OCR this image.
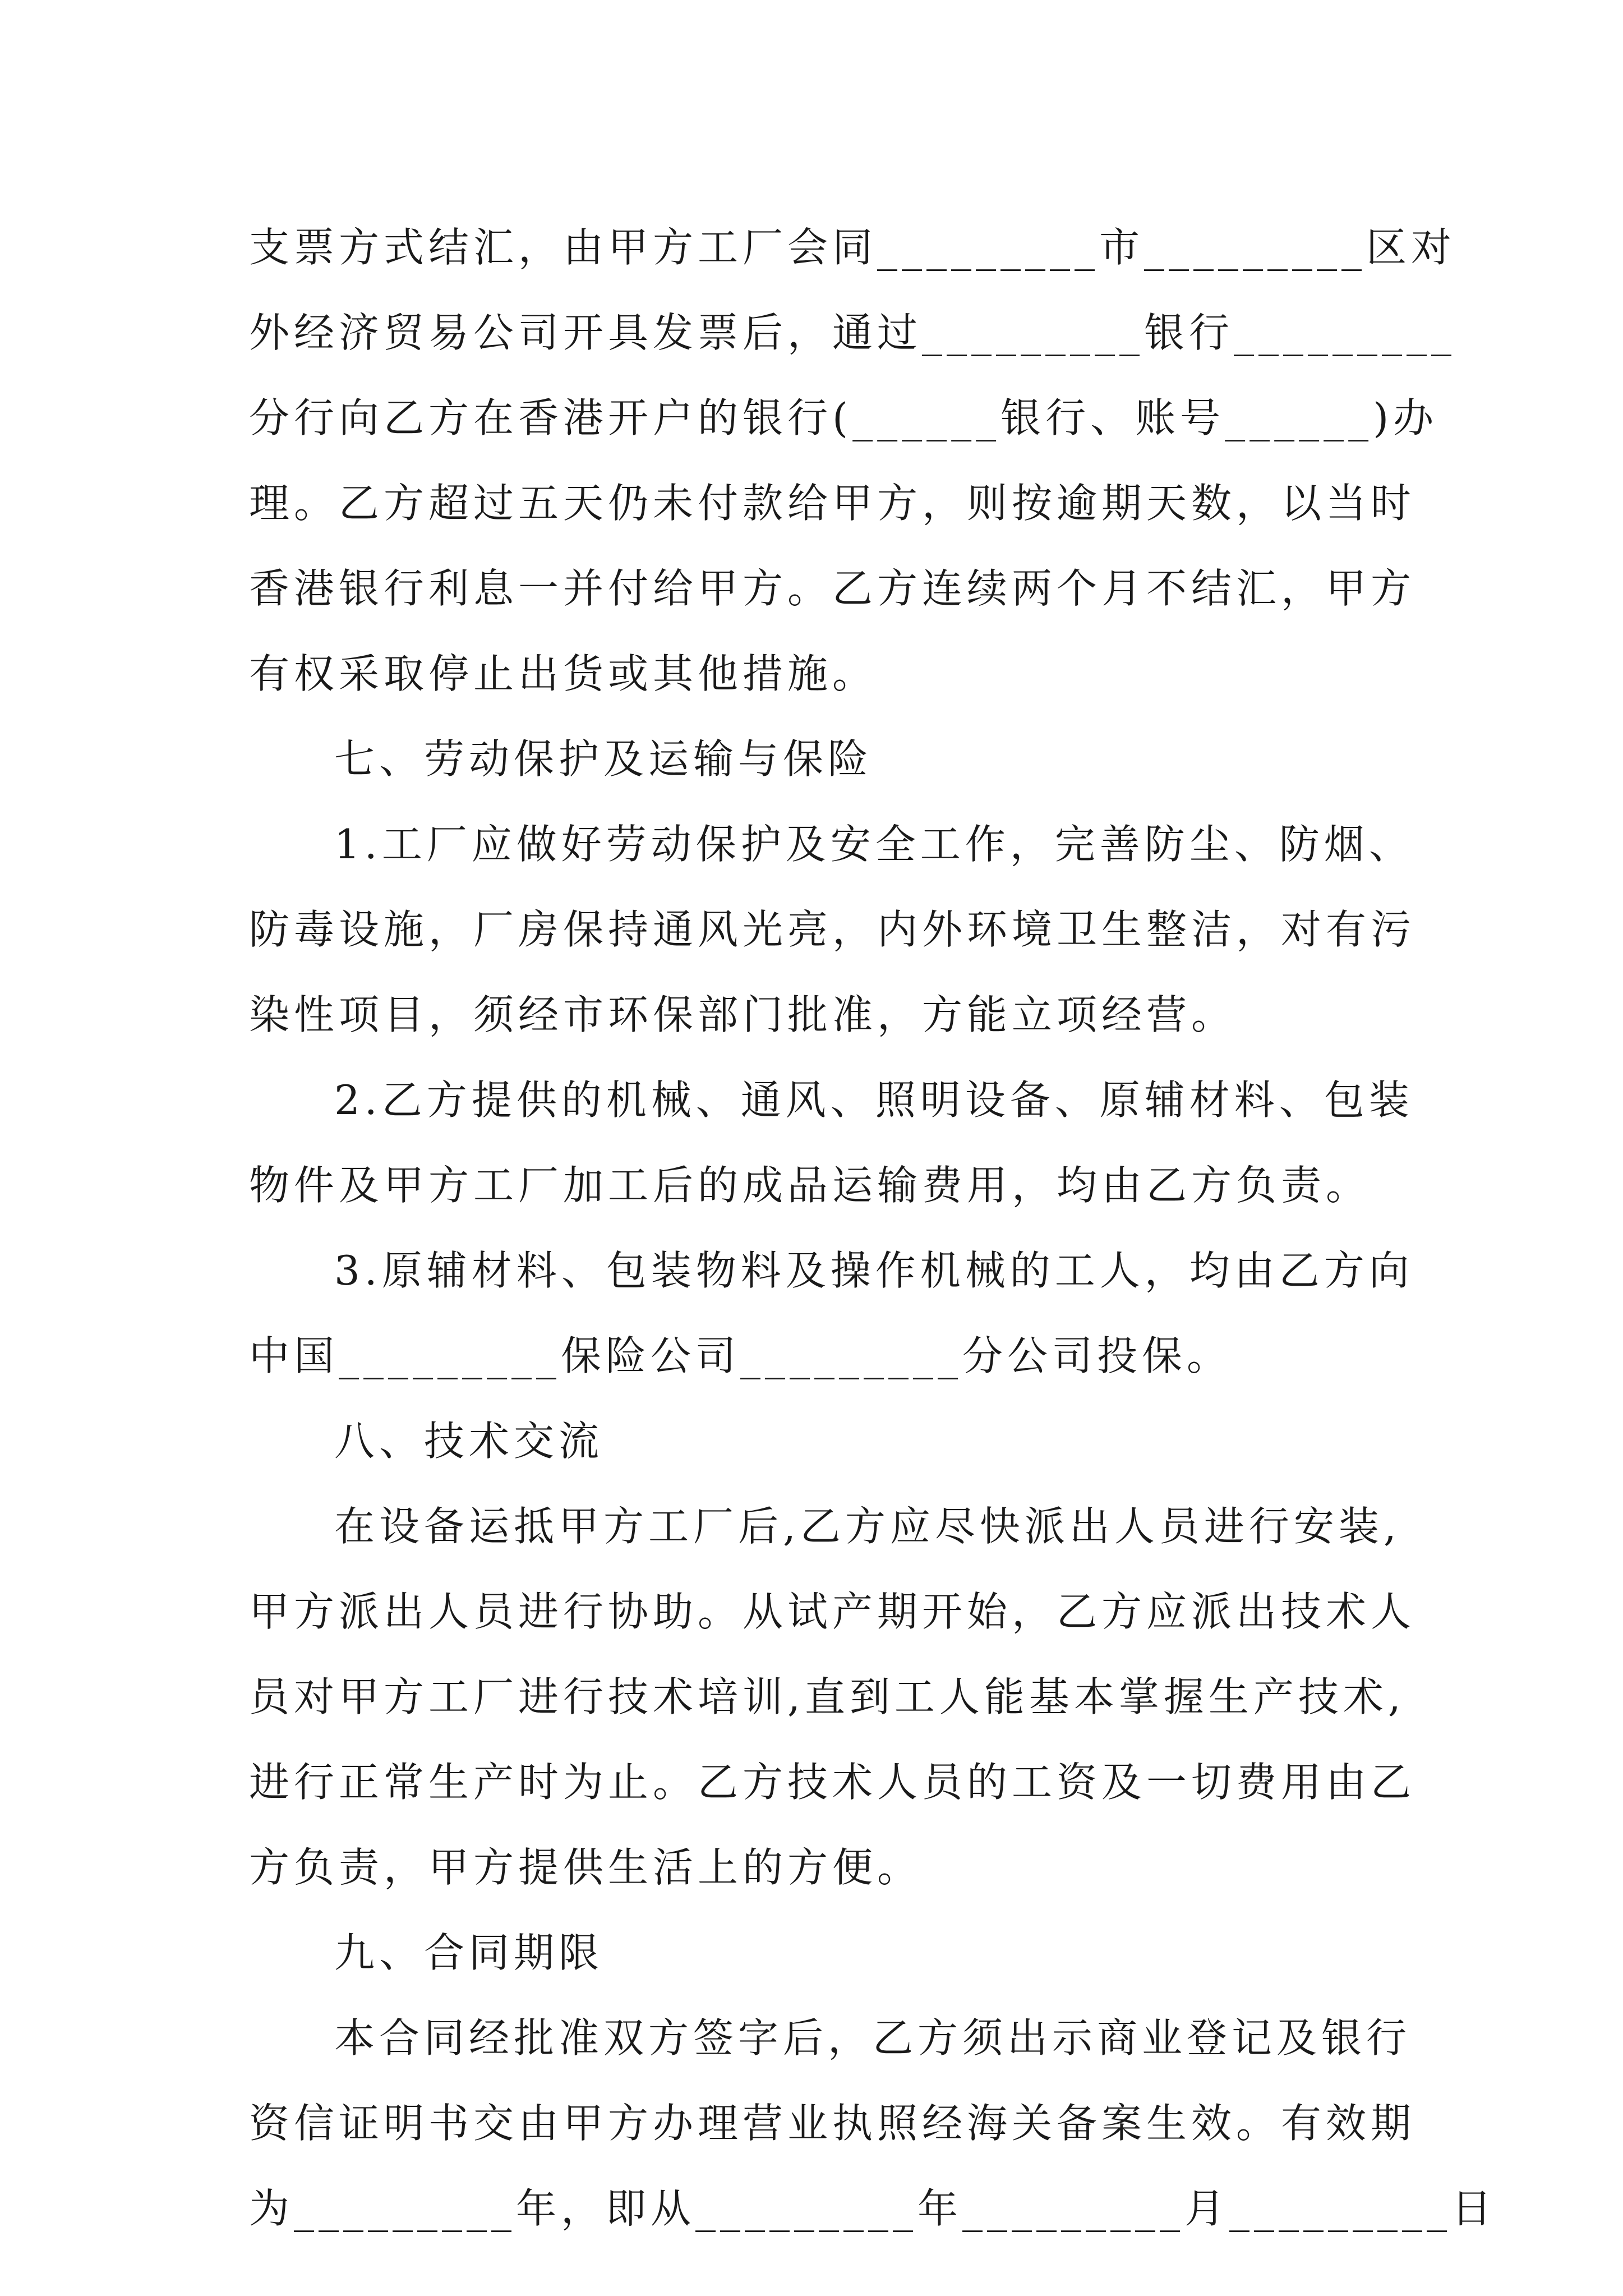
支票方式结汇，由甲方工厂会同_________市_________区对
外经济贸易公司开具发票后，通过_________银行_________
分行向乙方在香港开户的银行(______银行、账号______)办
理。乙方超过五天仍未付款给甲方，则按逾期天数，以当时
香港银行利息一并付给甲方。乙方连续两个月不结汇，甲方
有权采取停止出货或其他措施。
七、劳动保护及运输与保险
1.工厂应做好劳动保护及安全工作，完善防尘、防烟、
防毒设施，厂房保持通风光亮，内外环境卫生整洁，对有污
染性项目，须经市环保部门批准，方能立项经营。
2.乙方提供的机械、通风、照明设备、原辅材料、包装
物件及甲方工厂加工后的成品运输费用，均由乙方负责。
3.原辅材料、包装物料及操作机械的工人，均由乙方向
中国_________保险公司_________分公司投保。
八、技术交流
在设备运抵甲方工厂后,乙方应尽快派出人员进行安装,
甲方派出人员进行协助。从试产期开始，乙方应派出技术人
员对甲方工厂进行技术培训,直到工人能基本掌握生产技术,
进行正常生产时为止。乙方技术人员的工资及一切费用由乙
方负责，甲方提供生活上的方便。
九、合同期限
本合同经批准双方签字后，乙方须出示商业登记及银行
资信证明书交由甲方办理营业执照经海关备案生效。有效期
为_________年，即从_________年_________月_________日
